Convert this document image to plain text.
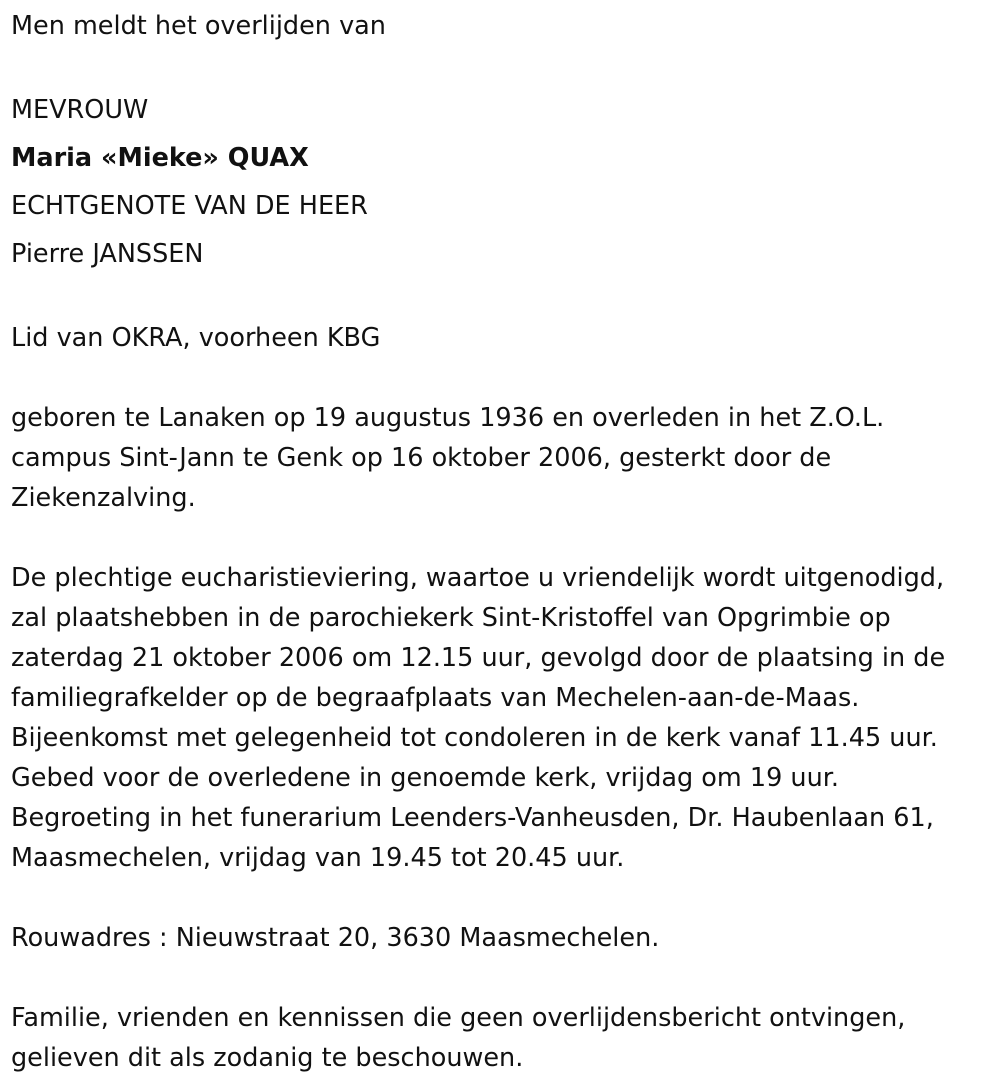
Men meldt het overlijden van
MEVROUW
Maria «Mieke» QUAX
ECHTGENOTE VAN DE HEER
Pierre JANSSEN
Lid van OKRA, voorheen KBG
geboren te Lanaken op 19 augustus 1936 en overleden in het Z.O.L.
campus Sint-Jann te Genk op 16 oktober 2006, gesterkt door de
Ziekenzalving.
De plechtige eucharistieviering, waartoe u vriendelijk wordt uitgenodigd,
zal plaatshebben in de parochiekerk Sint-Kristoffel van Opgrimbie op
zaterdag 21 oktober 2006 om 12.15 uur, gevolgd door de plaatsing in de
familiegrafkelder op de begraafplaats van Mechelen-aan-de-Maas.
Bijeenkomst met gelegenheid tot condoleren in de kerk vanaf 11.45 uur.
Gebed voor de overledene in genoemde kerk, vrijdag om 19 uur.
Begroeting in het funerarium Leenders-Vanheusden, Dr. Haubenlaan 61,
Maasmechelen, vrijdag van 19.45 tot 20.45 uur.
Rouwadres : Nieuwstraat 20, 3630 Maasmechelen.
Familie, vrienden en kennissen die geen overlijdensbericht ontvingen,
gelieven dit als zodanig te beschouwen.
